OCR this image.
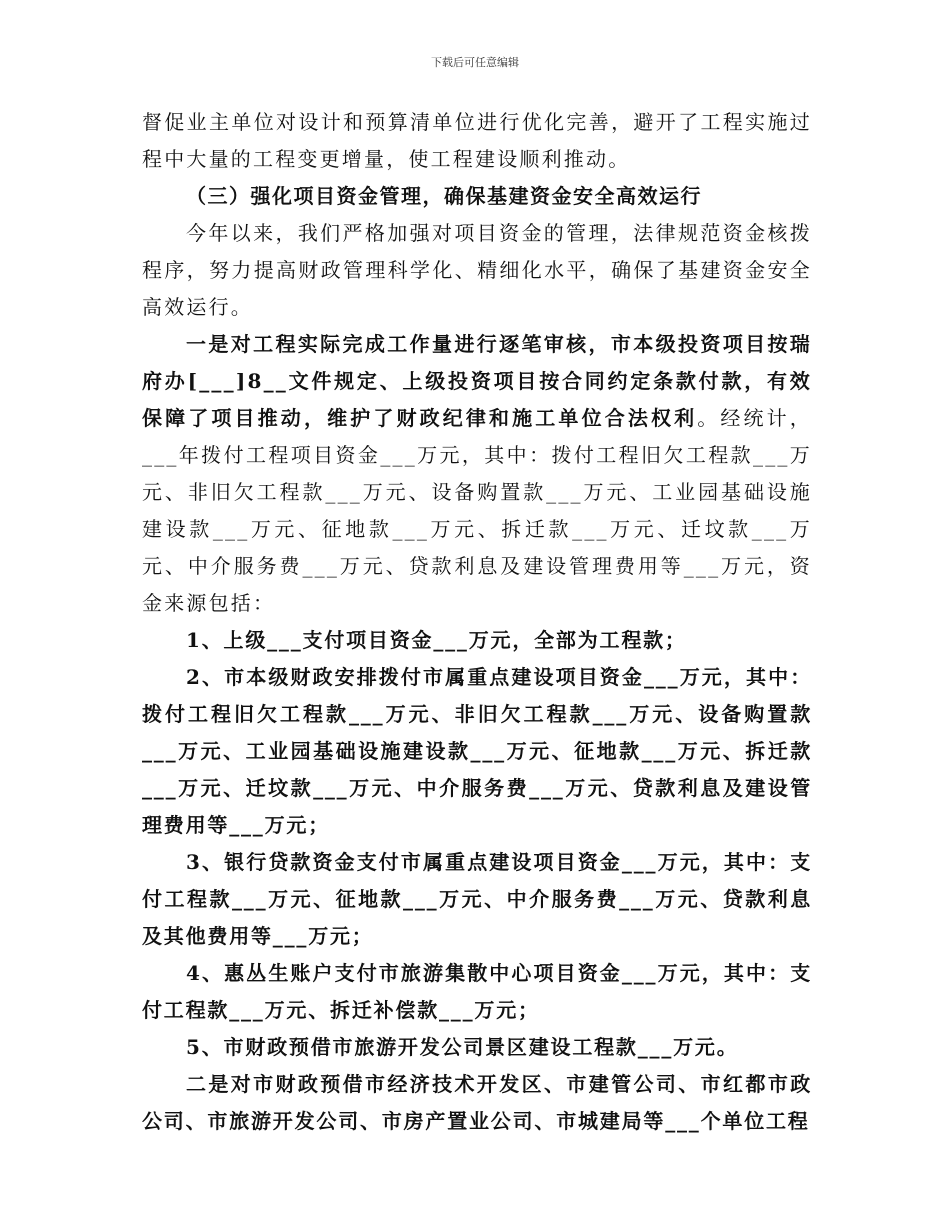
下载后可任意编辑

督促业主单位对设计和预算清单位进行优化完善，避开了工程实施过程中大量的工程变更增量，使工程建设顺利推动。

（三）强化项目资金管理，确保基建资金安全高效运行

今年以来，我们严格加强对项目资金的管理，法律规范资金核拨程序，努力提高财政管理科学化、精细化水平，确保了基建资金安全高效运行。

一是对工程实际完成工作量进行逐笔审核，市本级投资项目按瑞府办[___]8__文件规定、上级投资项目按合同约定条款付款，有效保障了项目推动，维护了财政纪律和施工单位合法权利。经统计，___年拨付工程项目资金___万元，其中：拨付工程旧欠工程款___万元、非旧欠工程款___万元、设备购置款___万元、工业园基础设施建设款___万元、征地款___万元、拆迁款___万元、迁坟款___万元、中介服务费___万元、贷款利息及建设管理费用等___万元，资金来源包括：

1、上级___支付项目资金___万元，全部为工程款；

2、市本级财政安排拨付市属重点建设项目资金___万元，其中：拨付工程旧欠工程款___万元、非旧欠工程款___万元、设备购置款___万元、工业园基础设施建设款___万元、征地款___万元、拆迁款___万元、迁坟款___万元、中介服务费___万元、贷款利息及建设管理费用等___万元；

3、银行贷款资金支付市属重点建设项目资金___万元，其中：支付工程款___万元、征地款___万元、中介服务费___万元、贷款利息及其他费用等___万元；

4、惠丛生账户支付市旅游集散中心项目资金___万元，其中：支付工程款___万元、拆迁补偿款___万元；

5、市财政预借市旅游开发公司景区建设工程款___万元。

二是对市财政预借市经济技术开发区、市建管公司、市红都市政公司、市旅游开发公司、市房产置业公司、市城建局等___个单位工程
